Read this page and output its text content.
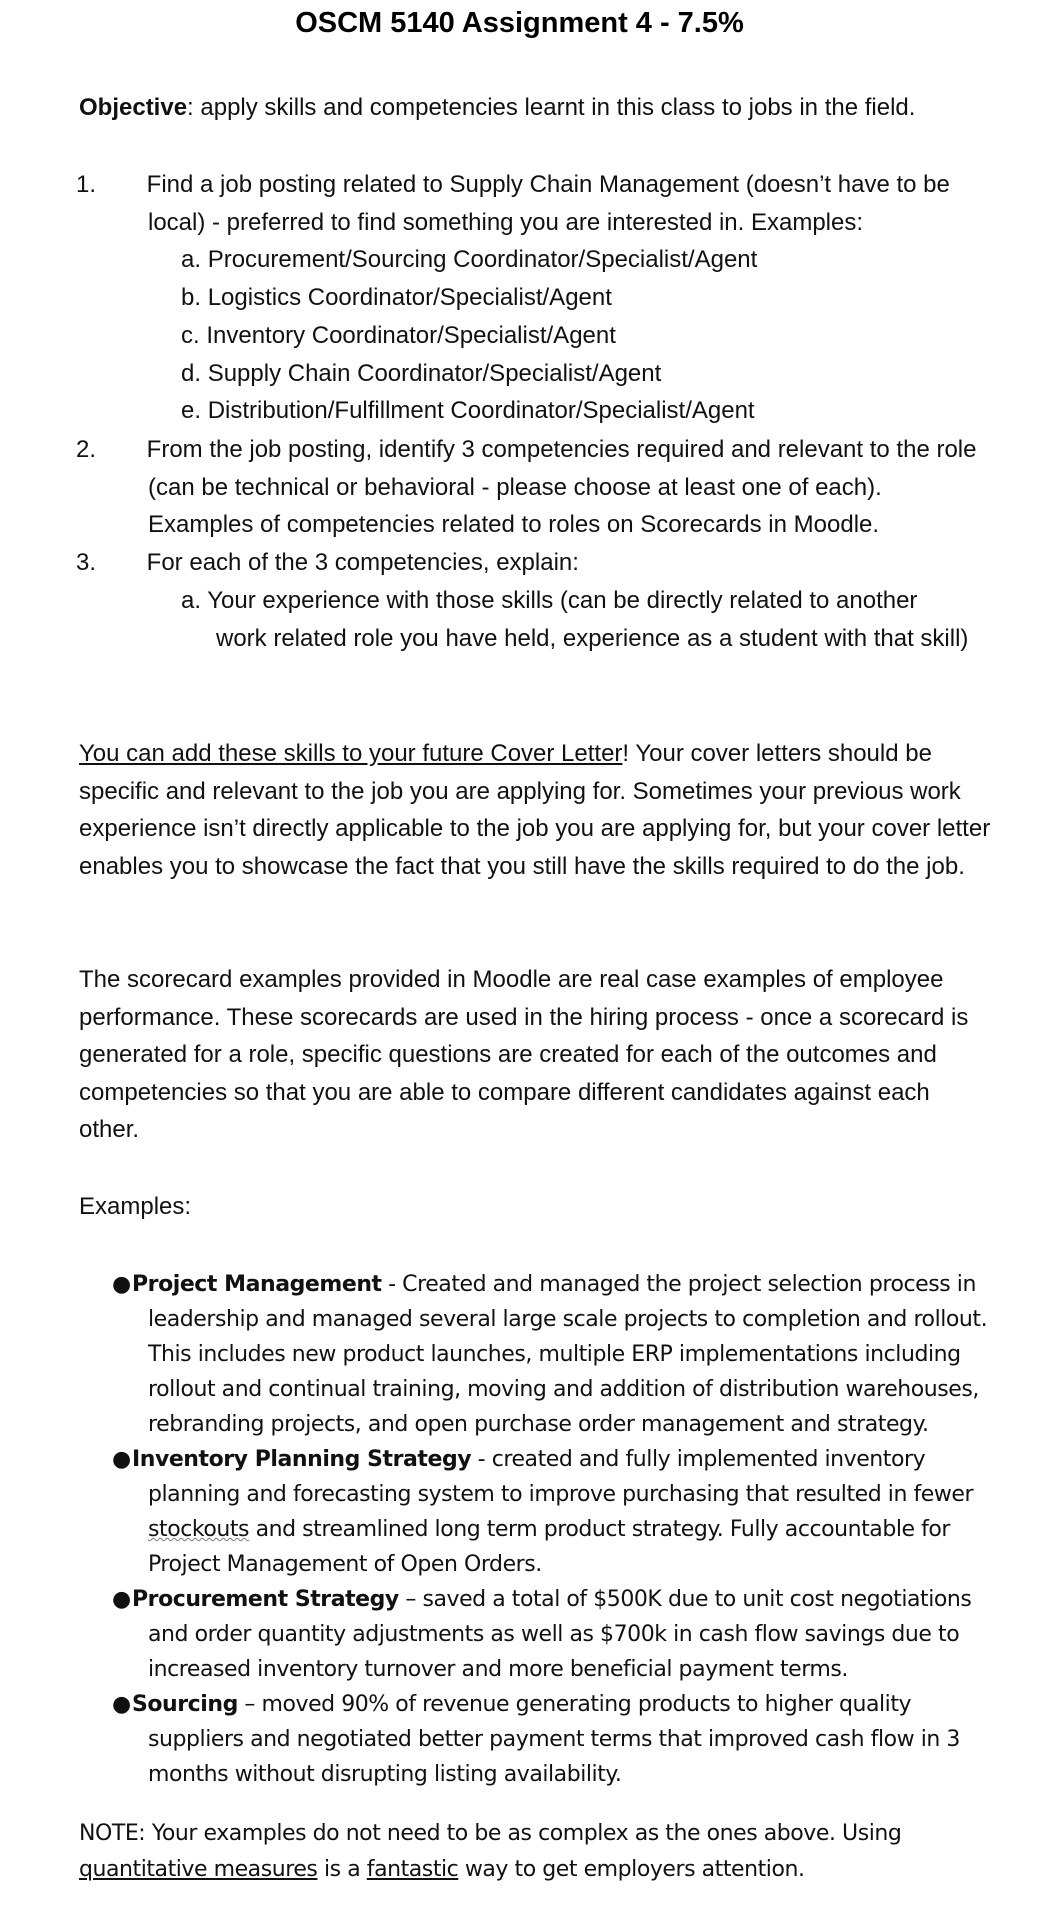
OSCM 5140 Assignment 4 - 7.5%
Objective: apply skills and competencies learnt in this class to jobs in the field.
1. Find a job posting related to Supply Chain Management (doesn’t have to be local) - preferred to find something you are interested in. Examples:
a. Procurement/Sourcing Coordinator/Specialist/Agent
b. Logistics Coordinator/Specialist/Agent
c. Inventory Coordinator/Specialist/Agent
d. Supply Chain Coordinator/Specialist/Agent
e. Distribution/Fulfillment Coordinator/Specialist/Agent
2. From the job posting, identify 3 competencies required and relevant to the role (can be technical or behavioral - please choose at least one of each). Examples of competencies related to roles on Scorecards in Moodle.
3. For each of the 3 competencies, explain:
a. Your experience with those skills (can be directly related to another work related role you have held, experience as a student with that skill)
You can add these skills to your future Cover Letter! Your cover letters should be specific and relevant to the job you are applying for. Sometimes your previous work experience isn’t directly applicable to the job you are applying for, but your cover letter enables you to showcase the fact that you still have the skills required to do the job.
The scorecard examples provided in Moodle are real case examples of employee performance. These scorecards are used in the hiring process - once a scorecard is generated for a role, specific questions are created for each of the outcomes and competencies so that you are able to compare different candidates against each other.
Examples:

●Project Management - Created and managed the project selection process in leadership and managed several large scale projects to completion and rollout. This includes new product launches, multiple ERP implementations including rollout and continual training, moving and addition of distribution warehouses, rebranding projects, and open purchase order management and strategy.

●Inventory Planning Strategy - created and fully implemented inventory planning and forecasting system to improve purchasing that resulted in fewer stockouts and streamlined long term product strategy. Fully accountable for Project Management of Open Orders.

●Procurement Strategy – saved a total of $500K due to unit cost negotiations and order quantity adjustments as well as $700k in cash flow savings due to increased inventory turnover and more beneficial payment terms.

●Sourcing – moved 90% of revenue generating products to higher quality suppliers and negotiated better payment terms that improved cash flow in 3 months without disrupting listing availability.

NOTE: Your examples do not need to be as complex as the ones above. Using quantitative measures is a fantastic way to get employers attention.
